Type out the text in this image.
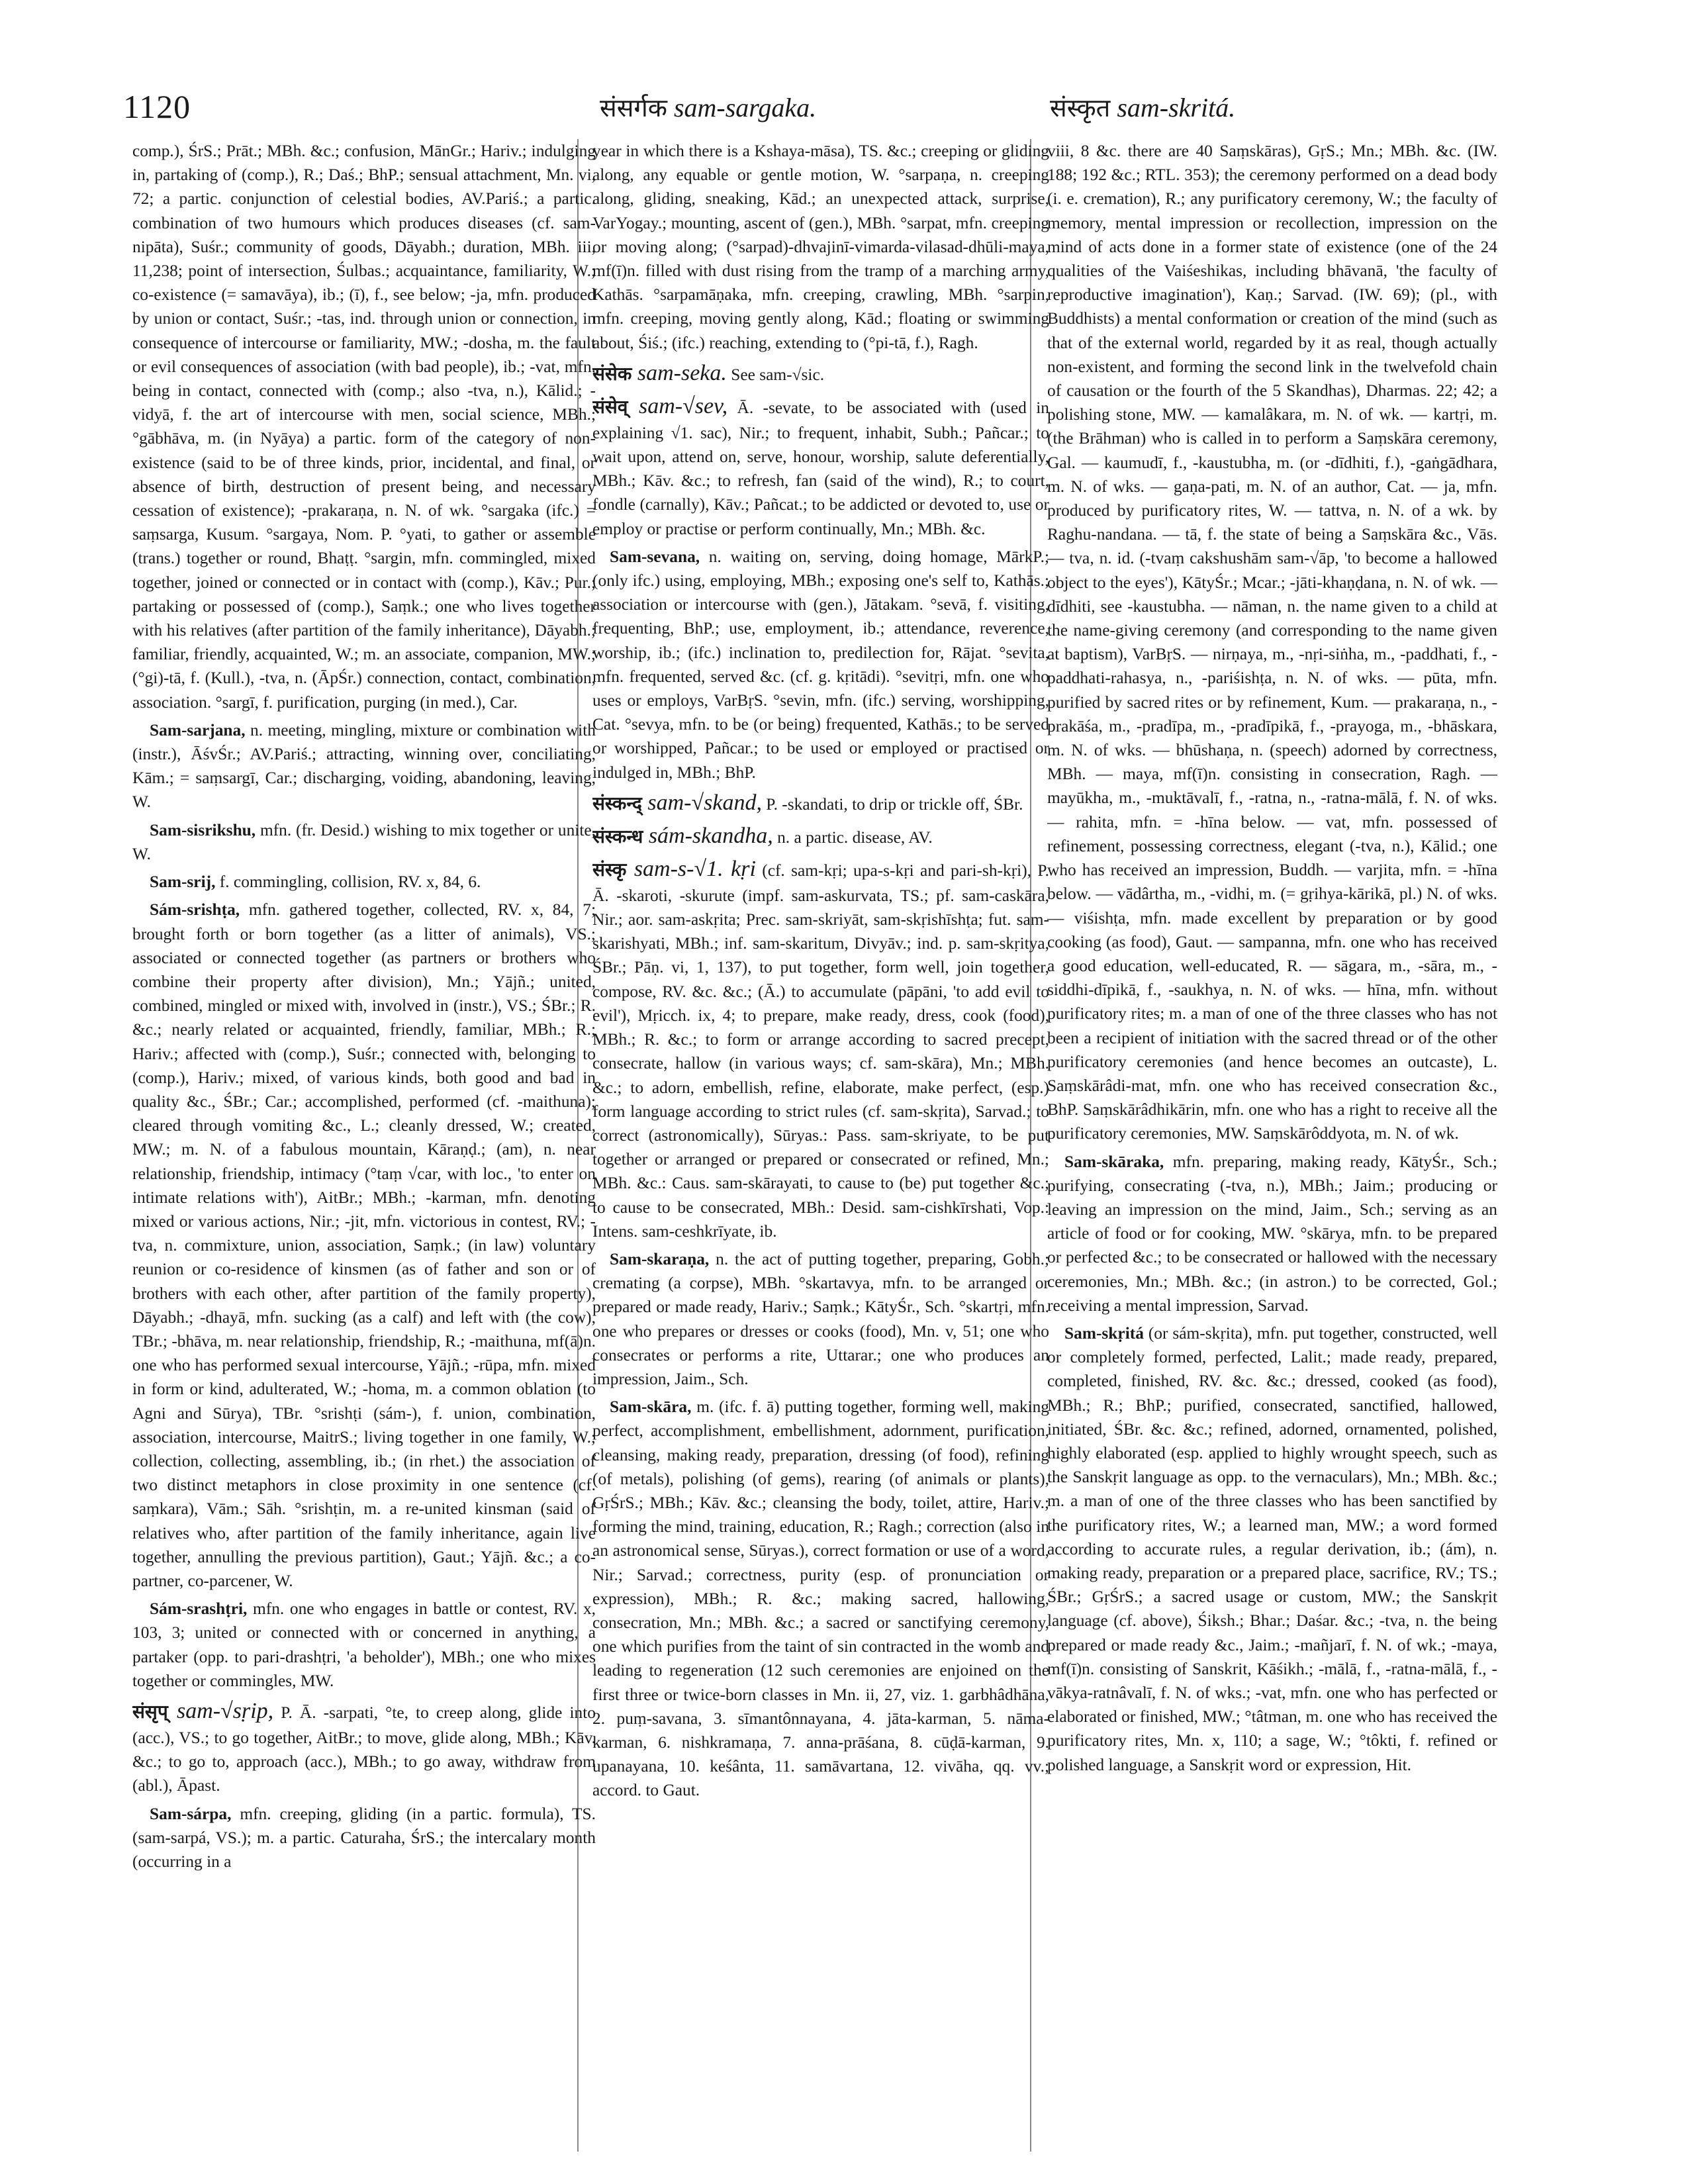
1120	संसर्गक sam-sargaka.	संस्कृत sam-skritá.

comp.), ŚrS.; Prāt.; MBh. &c.; confusion, MānGr.; Hariv.; indulging in, partaking of (comp.), R.; Daś.; BhP.; sensual attachment, Mn. vi, 72; a partic. conjunction of celestial bodies, AV.Pariś.; a partic. combination of two humours which produces diseases (cf. sam-nipāta), Suśr.; community of goods, Dāyabh.; duration, MBh. iii, 11,238; point of intersection, Śulbas.; acquaintance, familiarity, W.; co-existence (= samavāya), ib.; (ī), f., see below; -ja, mfn. produced by union or contact, Suśr.; -tas, ind. through union or connection, in consequence of intercourse or familiarity, MW.; -dosha, m. the fault or evil consequences of association (with bad people), ib.; -vat, mfn. being in contact, connected with (comp.; also -tva, n.), Kālid.; -vidyā, f. the art of intercourse with men, social science, MBh.; °gābhāva, m. (in Nyāya) a partic. form of the category of non-existence (said to be of three kinds, prior, incidental, and final, or absence of birth, destruction of present being, and necessary cessation of existence); -prakaraṇa, n. N. of wk. °sargaka (ifc.) = saṃsarga, Kusum. °sargaya, Nom. P. °yati, to gather or assemble (trans.) together or round, Bhaṭṭ. °sargin, mfn. commingled, mixed together, joined or connected or in contact with (comp.), Kāv.; Pur.; partaking or possessed of (comp.), Saṃk.; one who lives together with his relatives (after partition of the family inheritance), Dāyabh.; familiar, friendly, acquainted, W.; m. an associate, companion, MW.; (°gi)-tā, f. (Kull.), -tva, n. (ĀpŚr.) connection, contact, combination, association. °sargī, f. purification, purging (in med.), Car.

Sam-sarjana, n. meeting, mingling, mixture or combination with (instr.), ĀśvŚr.; AV.Pariś.; attracting, winning over, conciliating, Kām.; = saṃsargī, Car.; discharging, voiding, abandoning, leaving, W.

Sam-sisrikshu, mfn. (fr. Desid.) wishing to mix together or unite, W.

Sam-srij, f. commingling, collision, RV. x, 84, 6.

Sám-srishṭa, mfn. gathered together, collected, RV. x, 84, 7; brought forth or born together (as a litter of animals), VS.; associated or connected together (as partners or brothers who combine their property after division), Mn.; Yājñ.; united, combined, mingled or mixed with, involved in (instr.), VS.; ŚBr.; R. &c.; nearly related or acquainted, friendly, familiar, MBh.; R.; Hariv.; affected with (comp.), Suśr.; connected with, belonging to (comp.), Hariv.; mixed, of various kinds, both good and bad in quality &c., ŚBr.; Car.; accomplished, performed (cf. -maithuna); cleared through vomiting &c., L.; cleanly dressed, W.; created, MW.; m. N. of a fabulous mountain, Kāraṇḍ.; (am), n. near relationship, friendship, intimacy (°taṃ √car, with loc., 'to enter on intimate relations with'), AitBr.; MBh.; -karman, mfn. denoting mixed or various actions, Nir.; -jit, mfn. victorious in contest, RV.; -tva, n. commixture, union, association, Saṃk.; (in law) voluntary reunion or co-residence of kinsmen (as of father and son or of brothers with each other, after partition of the family property), Dāyabh.; -dhayā, mfn. sucking (as a calf) and left with (the cow), TBr.; -bhāva, m. near relationship, friendship, R.; -maithuna, mf(ā)n. one who has performed sexual intercourse, Yājñ.; -rūpa, mfn. mixed in form or kind, adulterated, W.; -homa, m. a common oblation (to Agni and Sūrya), TBr. °srishṭi (sám-), f. union, combination, association, intercourse, MaitrS.; living together in one family, W.; collection, collecting, assembling, ib.; (in rhet.) the association of two distinct metaphors in close proximity in one sentence (cf. saṃkara), Vām.; Sāh. °srishṭin, m. a re-united kinsman (said of relatives who, after partition of the family inheritance, again live together, annulling the previous partition), Gaut.; Yājñ. &c.; a co-partner, co-parcener, W.

Sám-srashṭri, mfn. one who engages in battle or contest, RV. x, 103, 3; united or connected with or concerned in anything, a partaker (opp. to pari-drashṭri, 'a beholder'), MBh.; one who mixes together or commingles, MW.

संसृप् sam-√sṛip, P. Ā. -sarpati, °te, to creep along, glide into (acc.), VS.; to go together, AitBr.; to move, glide along, MBh.; Kāv. &c.; to go to, approach (acc.), MBh.; to go away, withdraw from (abl.), Āpast.

Sam-sárpa, mfn. creeping, gliding (in a partic. formula), TS. (sam-sarpá, VS.); m. a partic. Caturaha, ŚrS.; the intercalary month (occurring in a

year in which there is a Kshaya-māsa), TS. &c.; creeping or gliding along, any equable or gentle motion, W. °sarpaṇa, n. creeping along, gliding, sneaking, Kād.; an unexpected attack, surprise, VarYogay.; mounting, ascent of (gen.), MBh. °sarpat, mfn. creeping or moving along; (°sarpad)-dhvajinī-vimarda-vilasad-dhūli-maya, mf(ī)n. filled with dust rising from the tramp of a marching army, Kathās. °sarpamāṇaka, mfn. creeping, crawling, MBh. °sarpin, mfn. creeping, moving gently along, Kād.; floating or swimming about, Śiś.; (ifc.) reaching, extending to (°pi-tā, f.), Ragh.

संसेक sam-seka. See sam-√sic.

संसेव् sam-√sev, Ā. -sevate, to be associated with (used in explaining √1. sac), Nir.; to frequent, inhabit, Subh.; Pañcar.; to wait upon, attend on, serve, honour, worship, salute deferentially, MBh.; Kāv. &c.; to refresh, fan (said of the wind), R.; to court, fondle (carnally), Kāv.; Pañcat.; to be addicted or devoted to, use or employ or practise or perform continually, Mn.; MBh. &c.

Sam-sevana, n. waiting on, serving, doing homage, MārkP.; (only ifc.) using, employing, MBh.; exposing one's self to, Kathās.; association or intercourse with (gen.), Jātakam. °sevā, f. visiting, frequenting, BhP.; use, employment, ib.; attendance, reverence, worship, ib.; (ifc.) inclination to, predilection for, Rājat. °sevita, mfn. frequented, served &c. (cf. g. kṛitādi). °sevitṛi, mfn. one who uses or employs, VarBṛS. °sevin, mfn. (ifc.) serving, worshipping, Cat. °sevya, mfn. to be (or being) frequented, Kathās.; to be served or worshipped, Pañcar.; to be used or employed or practised or indulged in, MBh.; BhP.

संस्कन्द् sam-√skand, P. -skandati, to drip or trickle off, ŚBr.

संस्कन्ध sám-skandha, n. a partic. disease, AV.

संस्कृ sam-s-√1. kṛi (cf. sam-kṛi; upa-s-kṛi and pari-sh-kṛi), P. Ā. -skaroti, -skurute (impf. sam-askurvata, TS.; pf. sam-caskāra, Nir.; aor. sam-askṛita; Prec. sam-skriyāt, sam-skṛishīshṭa; fut. sam-skarishyati, MBh.; inf. sam-skaritum, Divyāv.; ind. p. sam-skṛitya, ŚBr.; Pāṇ. vi, 1, 137), to put together, form well, join together, compose, RV. &c. &c.; (Ā.) to accumulate (pāpāni, 'to add evil to evil'), Mṛicch. ix, 4; to prepare, make ready, dress, cook (food), MBh.; R. &c.; to form or arrange according to sacred precept, consecrate, hallow (in various ways; cf. sam-skāra), Mn.; MBh. &c.; to adorn, embellish, refine, elaborate, make perfect, (esp.) form language according to strict rules (cf. sam-skṛita), Sarvad.; to correct (astronomically), Sūryas.: Pass. sam-skriyate, to be put together or arranged or prepared or consecrated or refined, Mn.; MBh. &c.: Caus. sam-skārayati, to cause to (be) put together &c.; to cause to be consecrated, MBh.: Desid. sam-cishkīrshati, Vop.: Intens. sam-ceshkrīyate, ib.

Sam-skaraṇa, n. the act of putting together, preparing, Gobh.; cremating (a corpse), MBh. °skartavya, mfn. to be arranged or prepared or made ready, Hariv.; Saṃk.; KātyŚr., Sch. °skartṛi, mfn. one who prepares or dresses or cooks (food), Mn. v, 51; one who consecrates or performs a rite, Uttarar.; one who produces an impression, Jaim., Sch.

Sam-skāra, m. (ifc. f. ā) putting together, forming well, making perfect, accomplishment, embellishment, adornment, purification, cleansing, making ready, preparation, dressing (of food), refining (of metals), polishing (of gems), rearing (of animals or plants), GṛŚrS.; MBh.; Kāv. &c.; cleansing the body, toilet, attire, Hariv.; forming the mind, training, education, R.; Ragh.; correction (also in an astronomical sense, Sūryas.), correct formation or use of a word, Nir.; Sarvad.; correctness, purity (esp. of pronunciation or expression), MBh.; R. &c.; making sacred, hallowing, consecration, Mn.; MBh. &c.; a sacred or sanctifying ceremony, one which purifies from the taint of sin contracted in the womb and leading to regeneration (12 such ceremonies are enjoined on the first three or twice-born classes in Mn. ii, 27, viz. 1. garbhâdhāna, 2. puṃ-savana, 3. sīmantônnayana, 4. jāta-karman, 5. nāma-karman, 6. nishkramaṇa, 7. anna-prāśana, 8. cūḍā-karman, 9. upanayana, 10. keśânta, 11. samāvartana, 12. vivāha, qq. vv.; accord. to Gaut.

viii, 8 &c. there are 40 Saṃskāras), GṛS.; Mn.; MBh. &c. (IW. 188; 192 &c.; RTL. 353); the ceremony performed on a dead body (i. e. cremation), R.; any purificatory ceremony, W.; the faculty of memory, mental impression or recollection, impression on the mind of acts done in a former state of existence (one of the 24 qualities of the Vaiśeshikas, including bhāvanā, 'the faculty of reproductive imagination'), Kaṇ.; Sarvad. (IW. 69); (pl., with Buddhists) a mental conformation or creation of the mind (such as that of the external world, regarded by it as real, though actually non-existent, and forming the second link in the twelvefold chain of causation or the fourth of the 5 Skandhas), Dharmas. 22; 42; a polishing stone, MW. — kamalâkara, m. N. of wk. — kartṛi, m. (the Brāhman) who is called in to perform a Saṃskāra ceremony, Gal. — kaumudī, f., -kaustubha, m. (or -dīdhiti, f.), -gaṅgādhara, m. N. of wks. — gaṇa-pati, m. N. of an author, Cat. — ja, mfn. produced by purificatory rites, W. — tattva, n. N. of a wk. by Raghu-nandana. — tā, f. the state of being a Saṃskāra &c., Vās. — tva, n. id. (-tvaṃ cakshushām sam-√āp, 'to become a hallowed object to the eyes'), KātyŚr.; Mcar.; -jāti-khaṇḍana, n. N. of wk. — dīdhiti, see -kaustubha. — nāman, n. the name given to a child at the name-giving ceremony (and corresponding to the name given at baptism), VarBṛS. — nirṇaya, m., -nṛi-siṅha, m., -paddhati, f., -paddhati-rahasya, n., -pariśishṭa, n. N. of wks. — pūta, mfn. purified by sacred rites or by refinement, Kum. — prakaraṇa, n., -prakāśa, m., -pradīpa, m., -pradīpikā, f., -prayoga, m., -bhāskara, m. N. of wks. — bhūshaṇa, n. (speech) adorned by correctness, MBh. — maya, mf(ī)n. consisting in consecration, Ragh. — mayūkha, m., -muktāvalī, f., -ratna, n., -ratna-mālā, f. N. of wks. — rahita, mfn. = -hīna below. — vat, mfn. possessed of refinement, possessing correctness, elegant (-tva, n.), Kālid.; one who has received an impression, Buddh. — varjita, mfn. = -hīna below. — vādârtha, m., -vidhi, m. (= gṛihya-kārikā, pl.) N. of wks. — viśishṭa, mfn. made excellent by preparation or by good cooking (as food), Gaut. — sampanna, mfn. one who has received a good education, well-educated, R. — sāgara, m., -sāra, m., -siddhi-dīpikā, f., -saukhya, n. N. of wks. — hīna, mfn. without purificatory rites; m. a man of one of the three classes who has not been a recipient of initiation with the sacred thread or of the other purificatory ceremonies (and hence becomes an outcaste), L. Saṃskārâdi-mat, mfn. one who has received consecration &c., BhP. Saṃskārâdhikārin, mfn. one who has a right to receive all the purificatory ceremonies, MW. Saṃskārôddyota, m. N. of wk.

Sam-skāraka, mfn. preparing, making ready, KātyŚr., Sch.; purifying, consecrating (-tva, n.), MBh.; Jaim.; producing or leaving an impression on the mind, Jaim., Sch.; serving as an article of food or for cooking, MW. °skārya, mfn. to be prepared or perfected &c.; to be consecrated or hallowed with the necessary ceremonies, Mn.; MBh. &c.; (in astron.) to be corrected, Gol.; receiving a mental impression, Sarvad.

Sam-skṛitá (or sám-skṛita), mfn. put together, constructed, well or completely formed, perfected, Lalit.; made ready, prepared, completed, finished, RV. &c. &c.; dressed, cooked (as food), MBh.; R.; BhP.; purified, consecrated, sanctified, hallowed, initiated, ŚBr. &c. &c.; refined, adorned, ornamented, polished, highly elaborated (esp. applied to highly wrought speech, such as the Sanskṛit language as opp. to the vernaculars), Mn.; MBh. &c.; m. a man of one of the three classes who has been sanctified by the purificatory rites, W.; a learned man, MW.; a word formed according to accurate rules, a regular derivation, ib.; (ám), n. making ready, preparation or a prepared place, sacrifice, RV.; TS.; ŚBr.; GṛŚrS.; a sacred usage or custom, MW.; the Sanskṛit language (cf. above), Śiksh.; Bhar.; Daśar. &c.; -tva, n. the being prepared or made ready &c., Jaim.; -mañjarī, f. N. of wk.; -maya, mf(ī)n. consisting of Sanskrit, Kāśikh.; -mālā, f., -ratna-mālā, f., -vākya-ratnâvalī, f. N. of wks.; -vat, mfn. one who has perfected or elaborated or finished, MW.; °tâtman, m. one who has received the purificatory rites, Mn. x, 110; a sage, W.; °tôkti, f. refined or polished language, a Sanskṛit word or expression, Hit.
